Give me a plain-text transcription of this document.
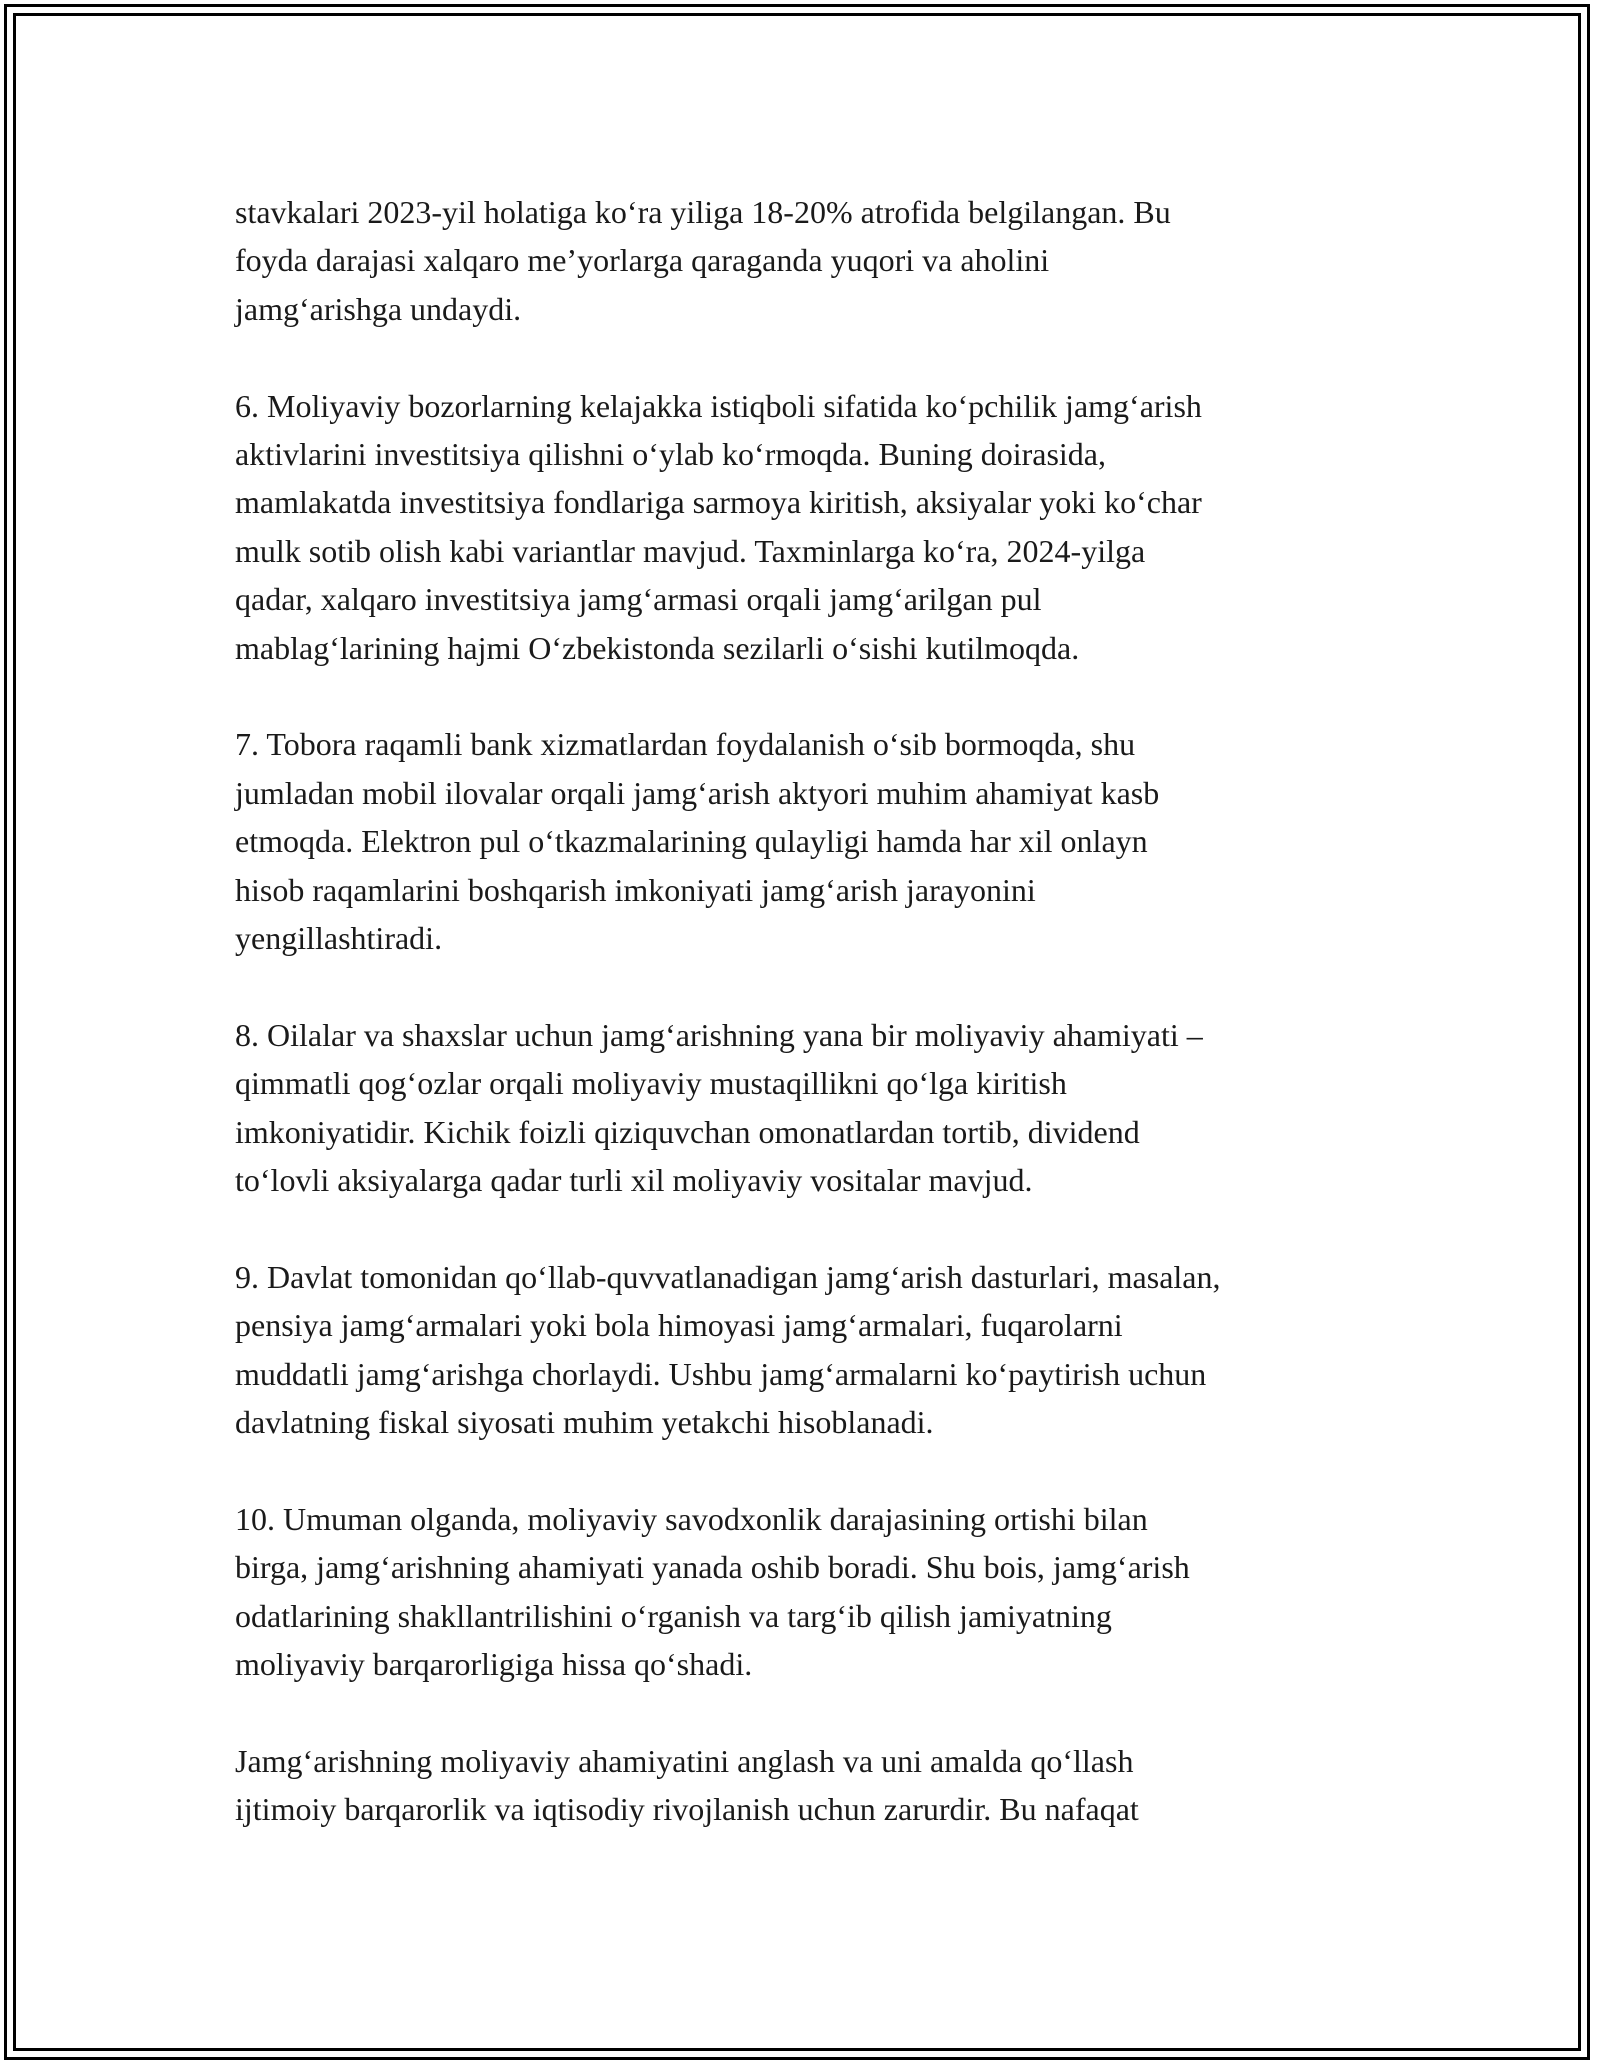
stavkalari 2023-yil holatiga ko‘ra yiliga 18-20% atrofida belgilangan. Bu
foyda darajasi xalqaro me’yorlarga qaraganda yuqori va aholini
jamg‘arishga undaydi.

6. Moliyaviy bozorlarning kelajakka istiqboli sifatida ko‘pchilik jamg‘arish
aktivlarini investitsiya qilishni o‘ylab ko‘rmoqda. Buning doirasida,
mamlakatda investitsiya fondlariga sarmoya kiritish, aksiyalar yoki ko‘char
mulk sotib olish kabi variantlar mavjud. Taxminlarga ko‘ra, 2024-yilga
qadar, xalqaro investitsiya jamg‘armasi orqali jamg‘arilgan pul
mablag‘larining hajmi O‘zbekistonda sezilarli o‘sishi kutilmoqda.

7. Tobora raqamli bank xizmatlardan foydalanish o‘sib bormoqda, shu
jumladan mobil ilovalar orqali jamg‘arish aktyori muhim ahamiyat kasb
etmoqda. Elektron pul o‘tkazmalarining qulayligi hamda har xil onlayn
hisob raqamlarini boshqarish imkoniyati jamg‘arish jarayonini
yengillashtiradi.

8. Oilalar va shaxslar uchun jamg‘arishning yana bir moliyaviy ahamiyati –
qimmatli qog‘ozlar orqali moliyaviy mustaqillikni qo‘lga kiritish
imkoniyatidir. Kichik foizli qiziquvchan omonatlardan tortib, dividend
to‘lovli aksiyalarga qadar turli xil moliyaviy vositalar mavjud.

9. Davlat tomonidan qo‘llab-quvvatlanadigan jamg‘arish dasturlari, masalan,
pensiya jamg‘armalari yoki bola himoyasi jamg‘armalari, fuqarolarni
muddatli jamg‘arishga chorlaydi. Ushbu jamg‘armalarni ko‘paytirish uchun
davlatning fiskal siyosati muhim yetakchi hisoblanadi.

10. Umuman olganda, moliyaviy savodxonlik darajasining ortishi bilan
birga, jamg‘arishning ahamiyati yanada oshib boradi. Shu bois, jamg‘arish
odatlarining shakllantrilishini o‘rganish va targ‘ib qilish jamiyatning
moliyaviy barqarorligiga hissa qo‘shadi.

Jamg‘arishning moliyaviy ahamiyatini anglash va uni amalda qo‘llash
ijtimoiy barqarorlik va iqtisodiy rivojlanish uchun zarurdir. Bu nafaqat
